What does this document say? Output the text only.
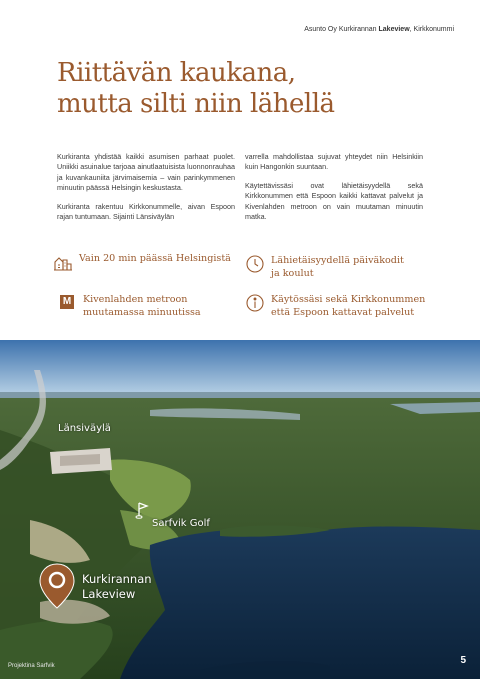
Asunto Oy Kurkirannan Lakeview, Kirkkonummi
Riittävän kaukana,
mutta silti niin lähellä

Kurkiranta yhdistää kaikki asumisen parhaat puolet. Uniikki asuinalue tarjoaa ainutlaatuisista luonnonrauhaa ja kuvankauniita järvimaisemia – vain parinkymmenen minuutin päässä Helsingin keskustasta.

Kurkiranta rakentuu Kirkkonummelle, aivan Espoon rajan tuntumaan. Sijainti Länsiväylän

varrella mahdollistaa sujuvat yhteydet niin Helsinkiin kuin Hangonkin suuntaan.

Käytettävissäsi ovat lähietäisyydellä sekä Kirkkonummen että Espoon kaikki kattavat palvelut ja Kivenlahden metroon on vain muutaman minuutin matka.

Vain 20 min päässä Helsingistä	Lähietäisyydellä päiväkodit
ja koulut
M Kivenlahden metroon
muutamassa minuutissa
Käytössäsi sekä Kirkkonummen
että Espoon kattavat palvelut
Länsiväylä
Sarfvik Golf
Kurkirannan
Lakeview
Projektina Sarfvik	5
